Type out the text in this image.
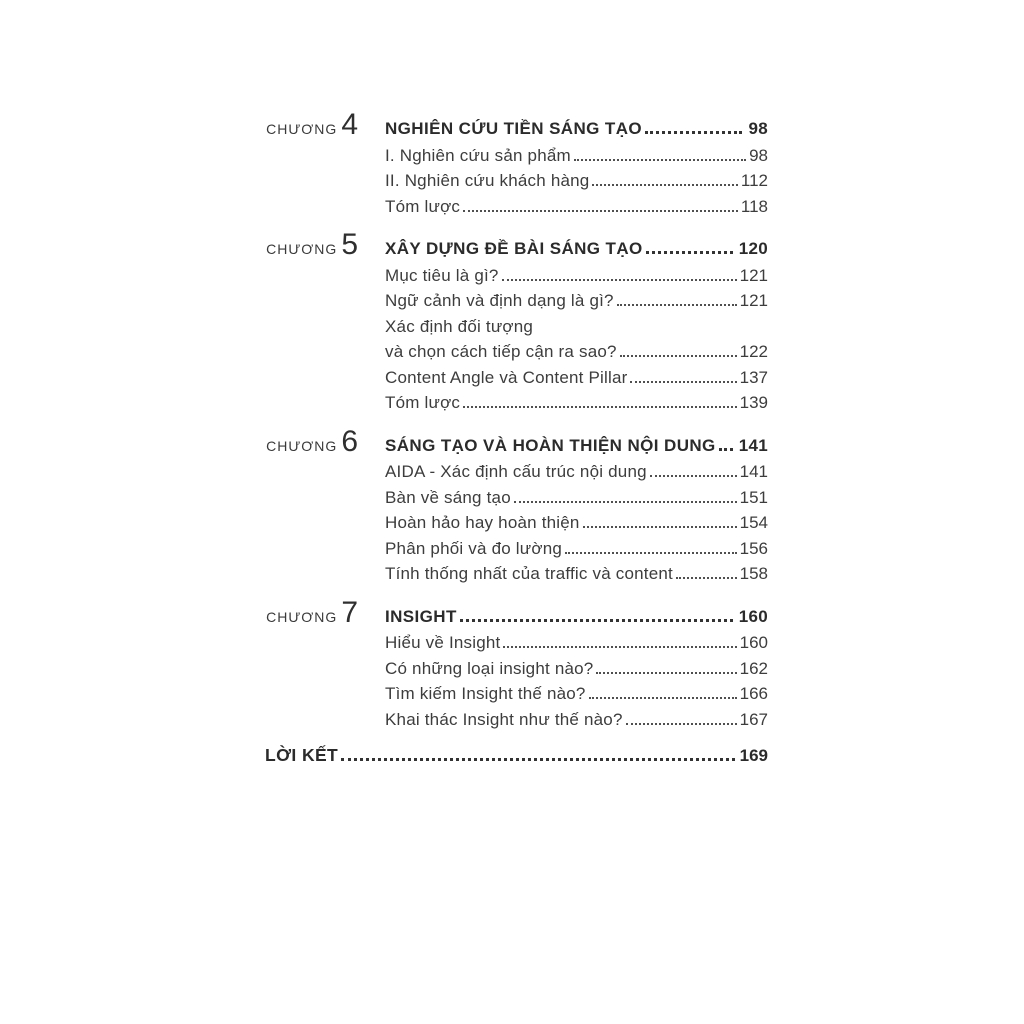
CHƯƠNG 4 NGHIÊN CỨU TIỀN SÁNG TẠO	98
I. Nghiên cứu sản phẩm	98
II. Nghiên cứu khách hàng	112
Tóm lược	118
CHƯƠNG 5 XÂY DỰNG ĐỀ BÀI SÁNG TẠO	120
Mục tiêu là gì?	121
Ngữ cảnh và định dạng là gì?	121
Xác định đối tượng
và chọn cách tiếp cận ra sao?	122
Content Angle và Content Pillar	137
Tóm lược	139
CHƯƠNG 6 SÁNG TẠO VÀ HOÀN THIỆN NỘI DUNG 141
AIDA - Xác định cấu trúc nội dung	141
Bàn về sáng tạo	151
Hoàn hảo hay hoàn thiện	154
Phân phối và đo lường	156
Tính thống nhất của traffic và content	158
CHƯƠNG 7 INSIGHT	160
Hiểu về Insight	160
Có những loại insight nào?	162
Tìm kiếm Insight thế nào?	166
Khai thác Insight như thế nào?	167
LỜI KẾT	169
